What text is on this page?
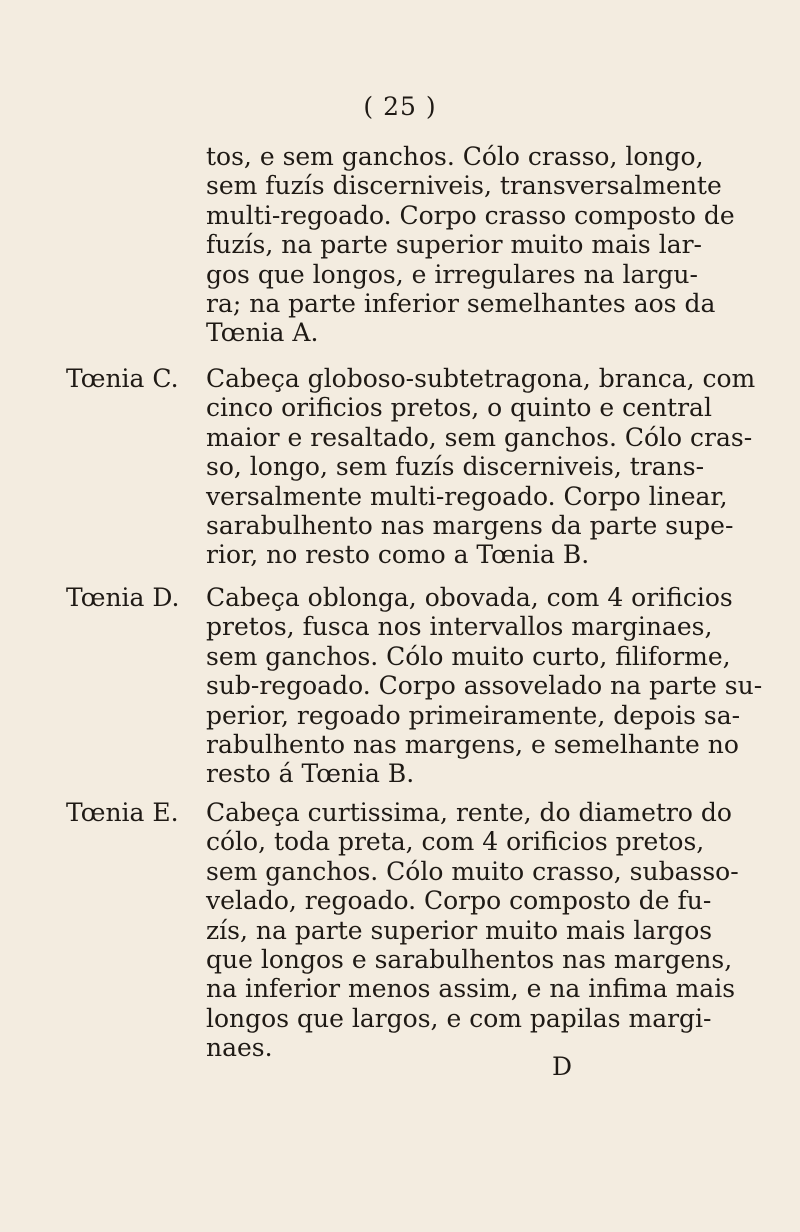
( 25 )

tos, e sem ganchos. Cólo crasso, longo,
sem fuzís discerniveis, transversalmente
multi-regoado. Corpo crasso composto de
fuzís, na parte superior muito mais lar-
gos que longos, e irregulares na largu-
ra; na parte inferior semelhantes aos da
Tœnia A.

Tœnia C.	Cabeça globoso-subtetragona, branca, com
cinco orificios pretos, o quinto e central
maior e resaltado, sem ganchos. Cólo cras-
so, longo, sem fuzís discerniveis, trans-
versalmente multi-regoado. Corpo linear,
sarabulhento nas margens da parte supe-
rior, no resto como a Tœnia B.

Tœnia D.	Cabeça oblonga, obovada, com 4 orificios
pretos, fusca nos intervallos marginaes,
sem ganchos. Cólo muito curto, filiforme,
sub-regoado. Corpo assovelado na parte su-
perior, regoado primeiramente, depois sa-
rabulhento nas margens, e semelhante no
resto á Tœnia B.

Tœnia E.	Cabeça curtissima, rente, do diametro do
cólo, toda preta, com 4 orificios pretos,
sem ganchos. Cólo muito crasso, subasso-
velado, regoado. Corpo composto de fu-
zís, na parte superior muito mais largos
que longos e sarabulhentos nas margens,
na inferior menos assim, e na infima mais
longos que largos, e com papilas margi-
naes.

D
